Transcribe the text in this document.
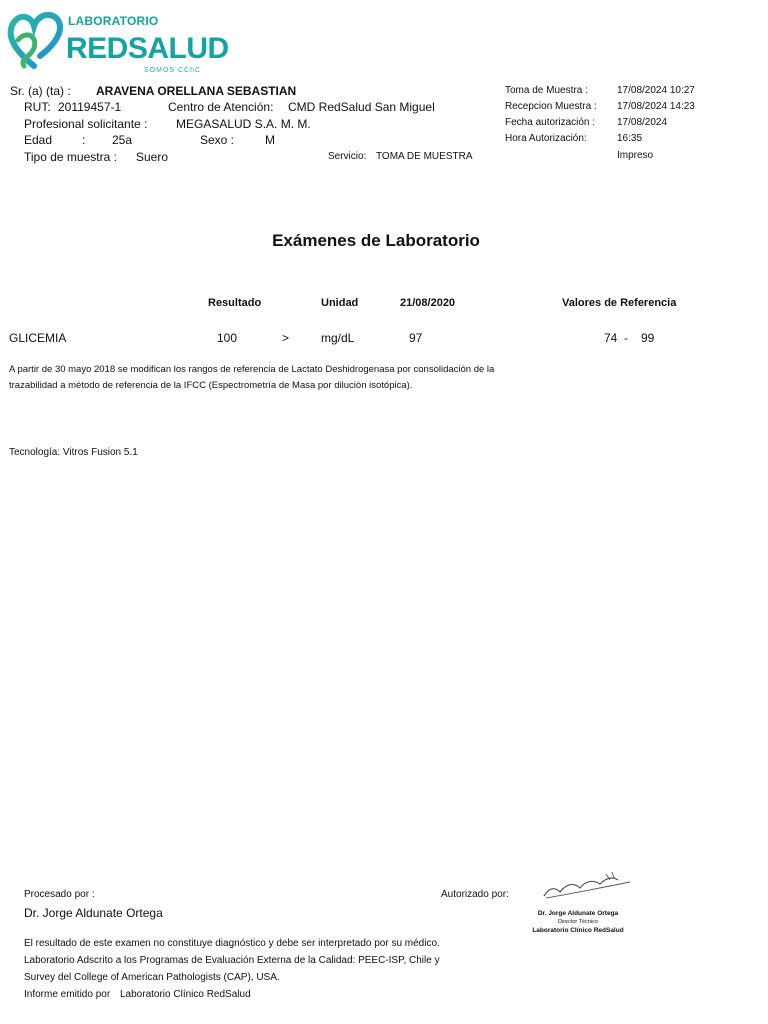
LABORATORIO
REDSALUD
SOMOS CChC
Sr. (a) (ta) : ARAVENA ORELLANA SEBASTIAN
RUT: 20119457-1	Centro de Atención: CMD RedSalud San Miguel
Profesional solicitante : MEGASALUD S.A. M. M.
Edad : 25a	Sexo :	M
Tipo de muestra : Suero	Servicio: TOMA DE MUESTRA
Toma de Muestra :	17/08/2024 10:27
Recepcion Muestra : 17/08/2024 14:23
Fecha autorización : 17/08/2024
Hora Autorización:	16:35
Impreso
Exámenes de Laboratorio
Resultado	Unidad	21/08/2020	Valores de Referencia
GLICEMIA	100	>	mg/dL	97	74 - 99
A partir de 30 mayo 2018 se modifican los rangos de referencia de Lactato Deshidrogenasa por consolidación de la
trazabilidad a método de referencia de la IFCC (Espectrometría de Masa por dilución isotópica).
Tecnología: Vitros Fusion 5.1
Procesado por :
Dr. Jorge Aldunate Ortega
Autorizado por:
Dr. Jorge Aldunate Ortega
Director Técnico
Laboratorio Clínico RedSalud
El resultado de este examen no constituye diagnóstico y debe ser interpretado por su médico.
Laboratorio Adscrito a los Programas de Evaluación Externa de la Calidad: PEEC-ISP, Chile y
Survey del College of American Pathologists (CAP), USA.
Informe emitido por Laboratorio Clínico RedSalud
